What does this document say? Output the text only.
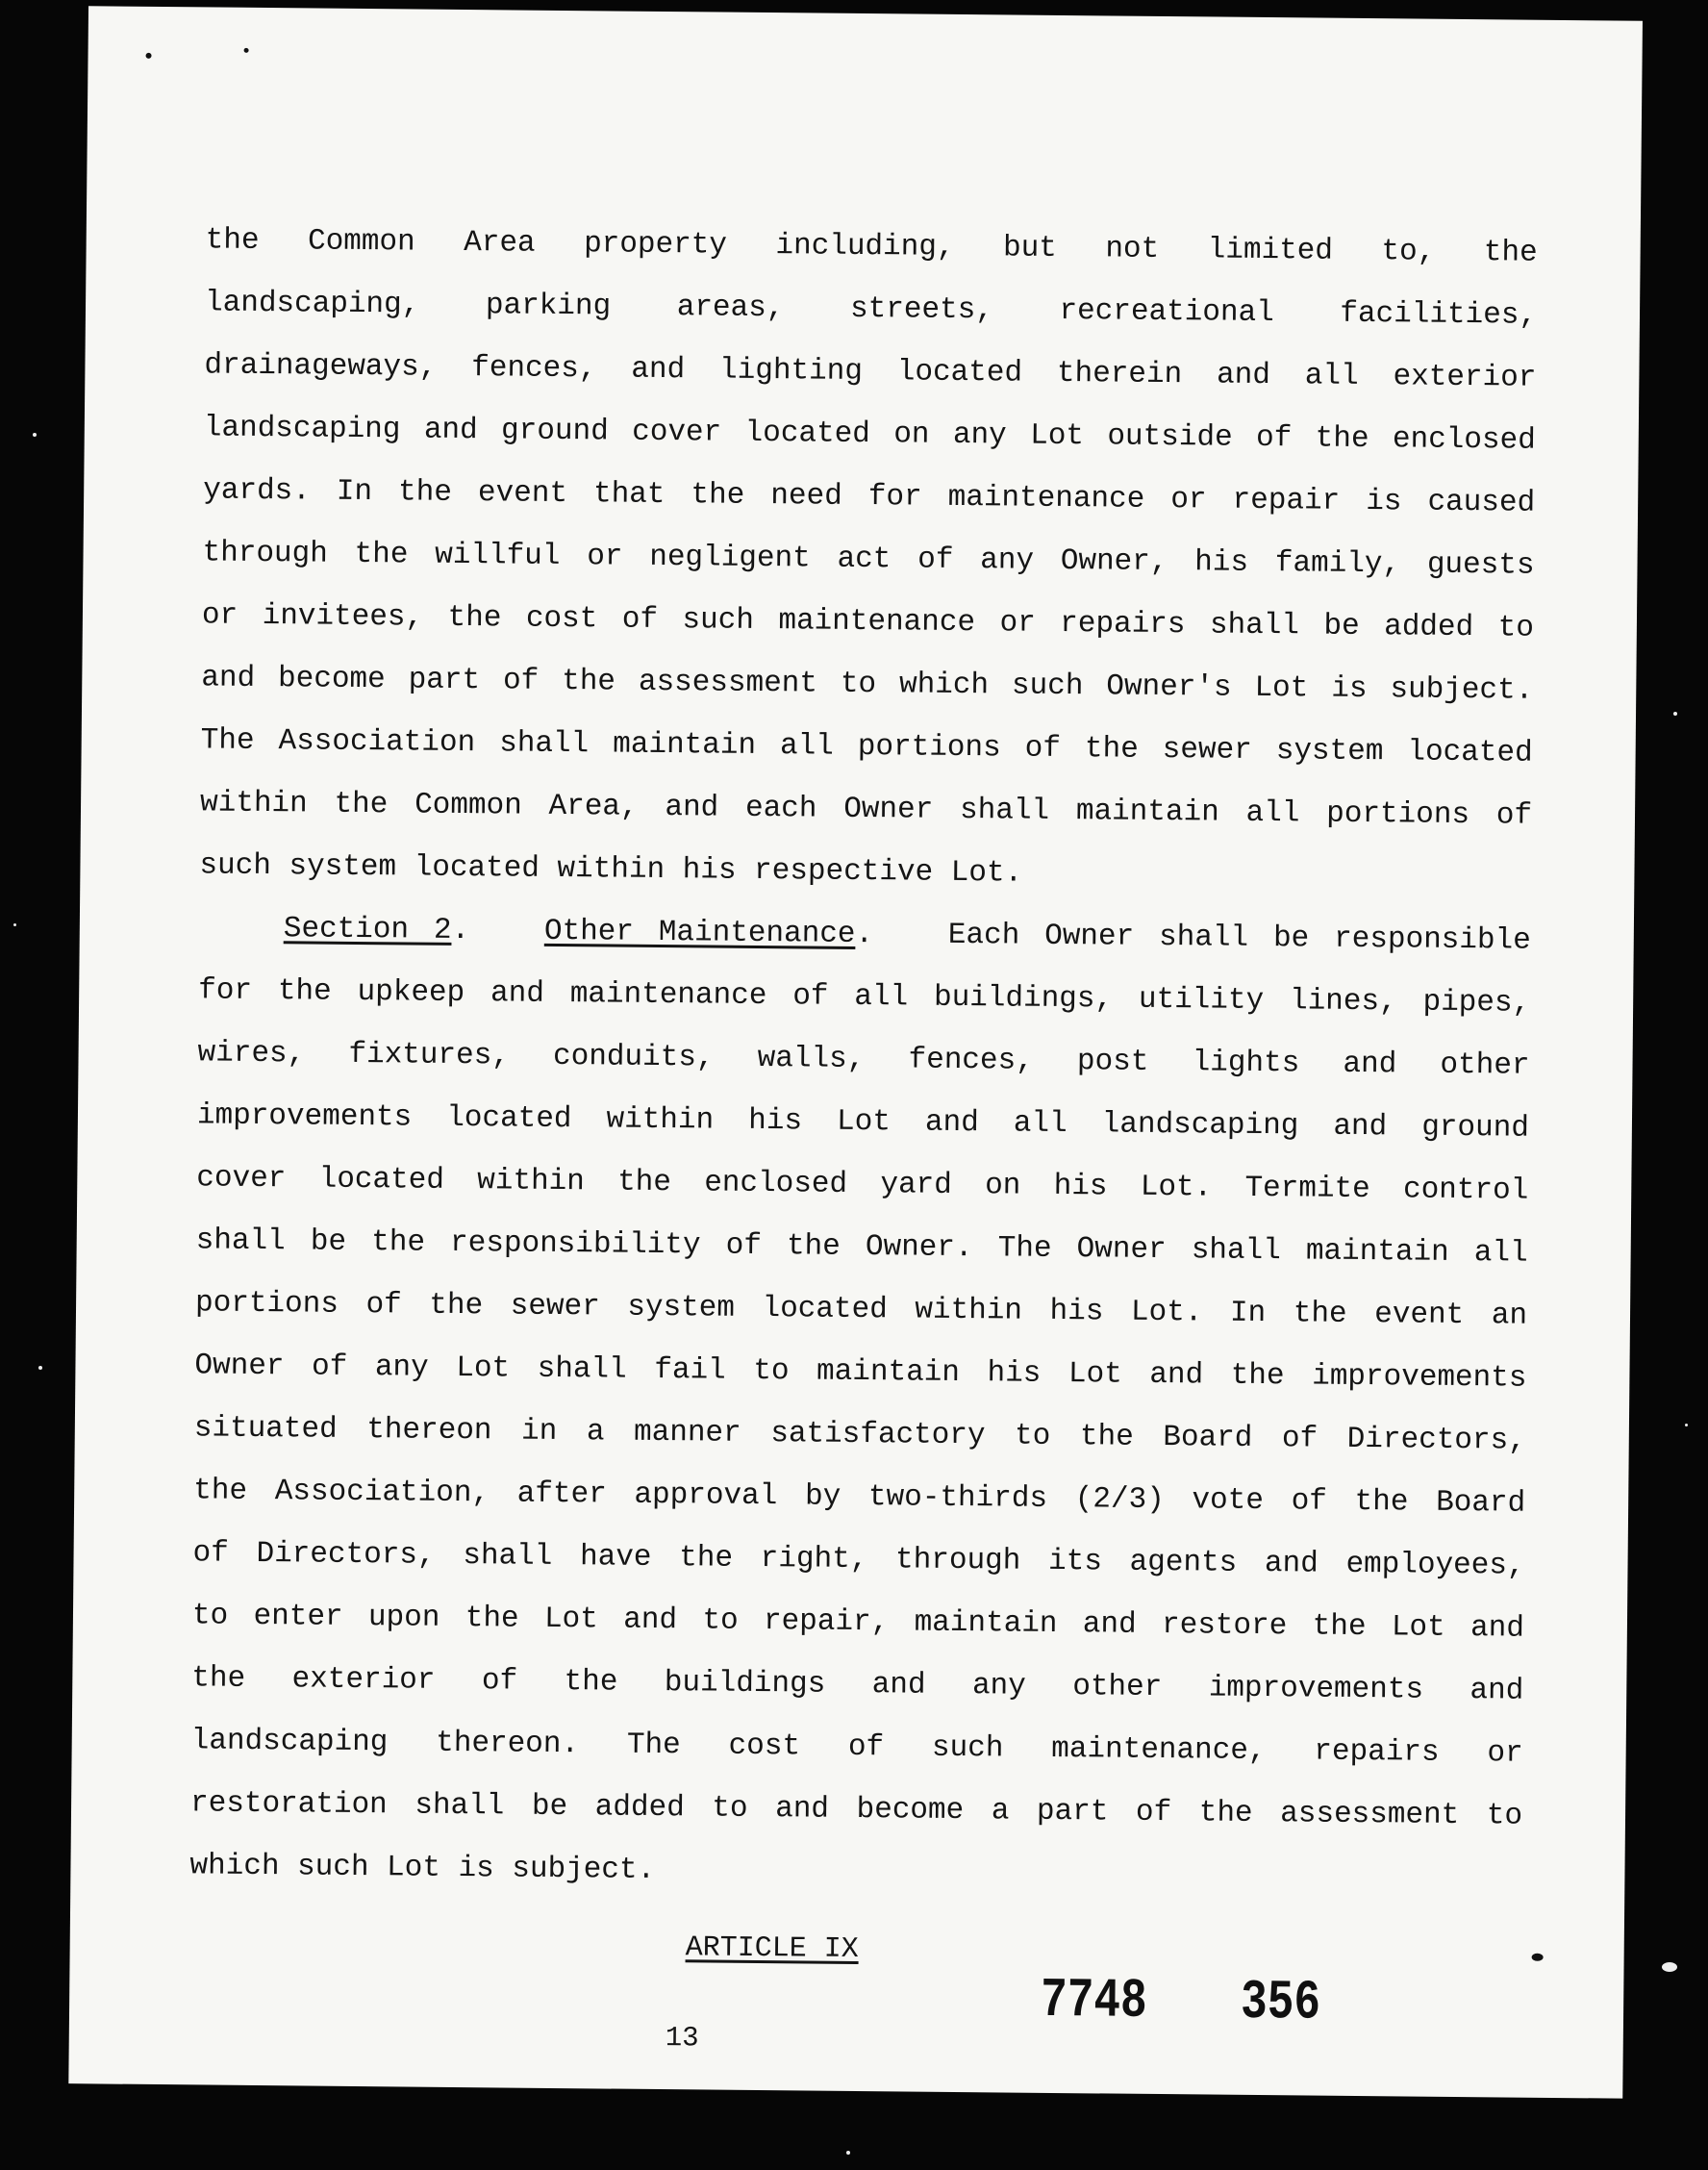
the Common Area property including, but not limited to, the
landscaping, parking areas, streets, recreational facilities,
drainageways, fences, and lighting located therein and all exterior
landscaping and ground cover located on any Lot outside of the enclosed
yards. In the event that the need for maintenance or repair is caused
through the willful or negligent act of any Owner, his family, guests
or invitees, the cost of such maintenance or repairs shall be added to
and become part of the assessment to which such Owner's Lot is subject.
The Association shall maintain all portions of the sewer system located
within the Common Area, and each Owner shall maintain all portions of
such system located within his respective Lot.
Section 2. Other Maintenance. Each Owner shall be responsible
for the upkeep and maintenance of all buildings, utility lines, pipes,
wires, fixtures, conduits, walls, fences, post lights and other
improvements located within his Lot and all landscaping and ground
cover located within the enclosed yard on his Lot. Termite control
shall be the responsibility of the Owner. The Owner shall maintain all
portions of the sewer system located within his Lot. In the event an
Owner of any Lot shall fail to maintain his Lot and the improvements
situated thereon in a manner satisfactory to the Board of Directors,
the Association, after approval by two-thirds (2/3) vote of the Board
of Directors, shall have the right, through its agents and employees,
to enter upon the Lot and to repair, maintain and restore the Lot and
the exterior of the buildings and any other improvements and
landscaping thereon. The cost of such maintenance, repairs or
restoration shall be added to and become a part of the assessment to
which such Lot is subject.
ARTICLE IX
7748 356
13
